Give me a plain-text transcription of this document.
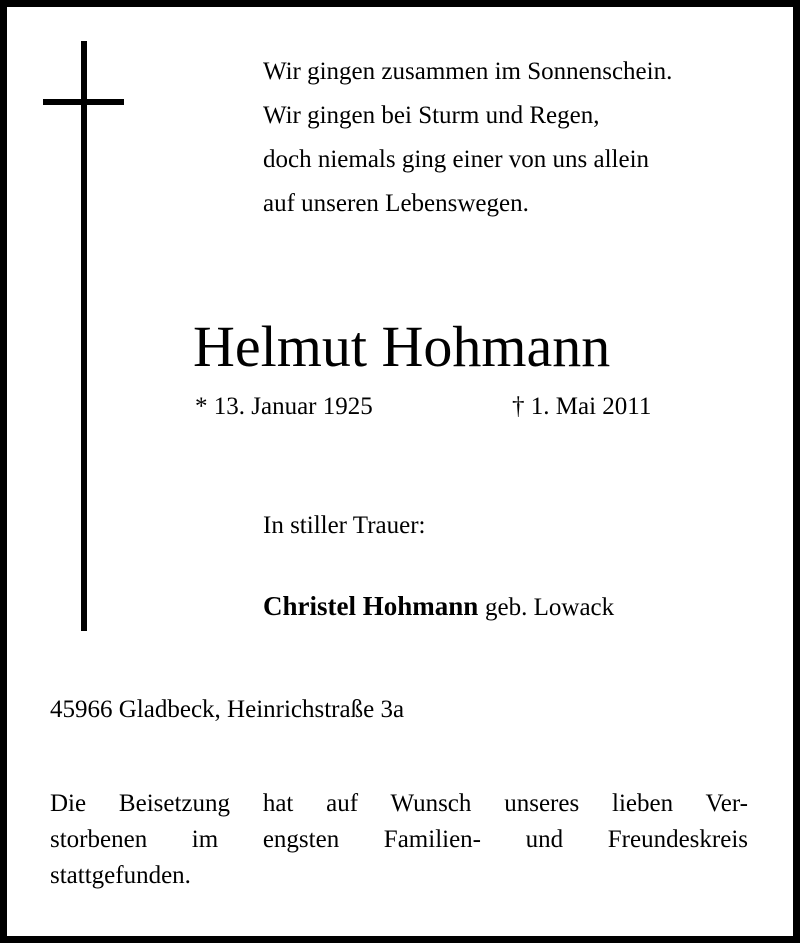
Wir gingen zusammen im Sonnenschein.
Wir gingen bei Sturm und Regen,
doch niemals ging einer von uns allein
auf unseren Lebenswegen.
Helmut Hohmann
* 13. Januar 1925	† 1. Mai 2011
In stiller Trauer:
Christel Hohmann geb. Lowack
45966 Gladbeck, Heinrichstraße 3a
Die Beisetzung hat auf Wunsch unseres lieben Ver-
storbenen im engsten Familien- und Freundeskreis
stattgefunden.
